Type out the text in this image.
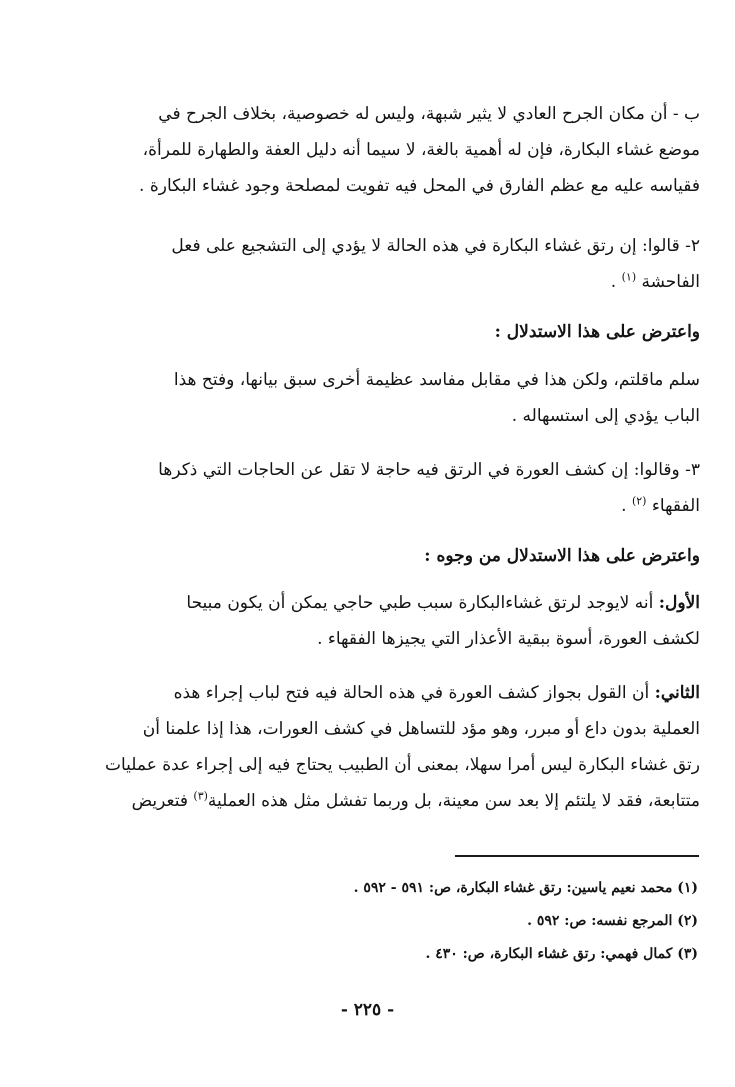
ب - أن مكان الجرح العادي لا يثير شبهة، وليس له خصوصية، بخلاف الجرح في
موضع غشاء البكارة، فإن له أهمية بالغة، لا سيما أنه دليل العفة والطهارة للمرأة،
فقياسه عليه مع عظم الفارق في المحل فيه تفويت لمصلحة وجود غشاء البكارة .
٢- قالوا: إن رتق غشاء البكارة في هذه الحالة لا يؤدي إلى التشجيع على فعل
الفاحشة $^{(١)}$ .
واعترض على هذا الاستدلال :
سلم ماقلتم، ولكن هذا في مقابل مفاسد عظيمة أخرى سبق بيانها، وفتح هذا
الباب يؤدي إلى استسهاله .
٣- وقالوا: إن كشف العورة في الرتق فيه حاجة لا تقل عن الحاجات التي ذكرها
الفقهاء $^{(٢)}$ .
واعترض على هذا الاستدلال من وجوه :
الأول: أنه لايوجد لرتق غشاءالبكارة سبب طبي حاجي يمكن أن يكون مبيحا
لكشف العورة، أسوة ببقية الأعذار التي يجيزها الفقهاء .
الثاني: أن القول بجواز كشف العورة في هذه الحالة فيه فتح لباب إجراء هذه
العملية بدون داع أو مبرر، وهو مؤد للتساهل في كشف العورات، هذا إذا علمنا أن
رتق غشاء البكارة ليس أمرا سهلا، بمعنى أن الطبيب يحتاج فيه إلى إجراء عدة عمليات
متتابعة، فقد لا يلتئم إلا بعد سن معينة، بل وربما تفشل مثل هذه العملية$^{(٣)}$ فتعريض
(١) محمد نعيم ياسين: رتق غشاء البكارة، ص: ٥٩١ - ٥٩٢ .
(٢) المرجع نفسه: ص: ٥٩٢ .
(٣) كمال فهمي: رتق غشاء البكارة، ص: ٤٣٠ .
- ٢٢٥ -
